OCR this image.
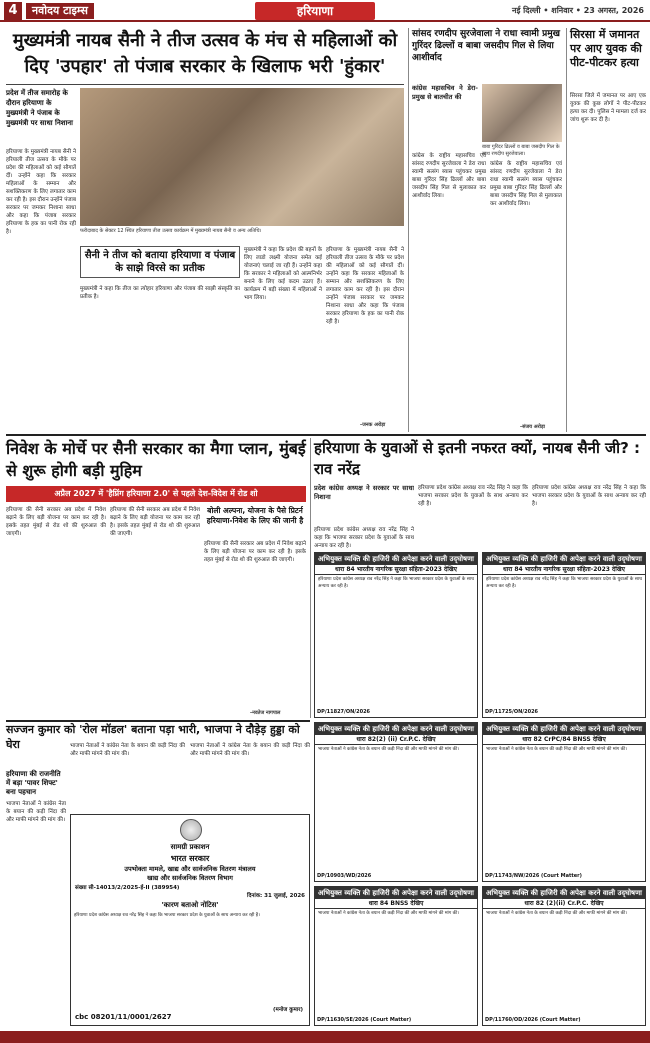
4	नवोदय टाइम्स	हरियाणा	नई दिल्ली • शनिवार • 23 अगस्त, 2026
मुख्यमंत्री नायब सैनी ने तीज उत्सव के मंच से महिलाओं को
दिए 'उपहार' तो पंजाब सरकार के खिलाफ भरी 'हुंकार'
प्रदेश में तीज समारोह के दौरान हरियाणा के मुख्यमंत्री ने पंजाब के मुख्यमंत्री पर साधा निशाना
फरीदाबाद के सेक्टर 12 स्थित हरियाणा तीज उत्सव कार्यक्रम में मुख्यमंत्री नायब सैनी व अन्य अतिथि।
हरियाणा के मुख्यमंत्री नायब सैनी ने हरियाली तीज उत्सव के मौके पर प्रदेश की महिलाओं को कई सौगातें दीं। उन्होंने कहा कि सरकार महिलाओं के सम्मान और सशक्तिकरण के लिए लगातार काम कर रही है। इस दौरान उन्होंने पंजाब सरकार पर जमकर निशाना साधा और कहा कि पंजाब सरकार हरियाणा के हक का पानी रोक रही है।
सैनी ने तीज को बताया हरियाणा व पंजाब के साझे विरसे का प्रतीक
मुख्यमंत्री ने कहा कि तीज का त्योहार हरियाणा और पंजाब की साझी संस्कृति का प्रतीक है।
मुख्यमंत्री ने कहा कि प्रदेश की बहनों के लिए लाडो लक्ष्मी योजना समेत कई योजनाएं चलाई जा रही हैं। उन्होंने कहा कि सरकार ने महिलाओं को आत्मनिर्भर बनाने के लिए कई कदम उठाए हैं। कार्यक्रम में बड़ी संख्या में महिलाओं ने भाग लिया।
हरियाणा के मुख्यमंत्री नायब सैनी ने हरियाली तीज उत्सव के मौके पर प्रदेश की महिलाओं को कई सौगातें दीं। उन्होंने कहा कि सरकार महिलाओं के सम्मान और सशक्तिकरण के लिए लगातार काम कर रही है। इस दौरान उन्होंने पंजाब सरकार पर जमकर निशाना साधा और कहा कि पंजाब सरकार हरियाणा के हक का पानी रोक रही है।
-जनक अरोड़ा
सांसद रणदीप सुरजेवाला ने राधा स्वामी प्रमुख गुरिंदर ढिल्लों व बाबा जसदीप गिल से लिया आशीर्वाद
कांग्रेस महासचिव ने डेरा-प्रमुख से बातचीत की
बाबा गुरिंदर ढिल्लों व बाबा जसदीप गिल के साथ रणदीप सुरजेवाला।
कांग्रेस के राष्ट्रीय महासचिव एवं सांसद रणदीप सुरजेवाला ने डेरा राधा स्वामी सत्संग ब्यास पहुंचकर प्रमुख बाबा गुरिंदर सिंह ढिल्लों और बाबा जसदीप सिंह गिल से मुलाकात कर आशीर्वाद लिया।
कांग्रेस के राष्ट्रीय महासचिव एवं सांसद रणदीप सुरजेवाला ने डेरा राधा स्वामी सत्संग ब्यास पहुंचकर प्रमुख बाबा गुरिंदर सिंह ढिल्लों और बाबा जसदीप सिंह गिल से मुलाकात कर आशीर्वाद लिया।
-संजय अरोड़ा
सिरसा में जमानत पर आए युवक की पीट-पीटकर हत्या
सिरसा जिले में जमानत पर आए एक युवक की कुछ लोगों ने पीट-पीटकर हत्या कर दी। पुलिस ने मामला दर्ज कर जांच शुरू कर दी है।
निवेश के मोर्चे पर सैनी सरकार का मैगा प्लान, मुंबई से शुरू होगी बड़ी मुहिम
अप्रैल 2027 में 'हैप्निंग हरियाणा 2.0' से पहले देश-विदेश में रोड शो
हरियाणा की सैनी सरकार अब प्रदेश में निवेश बढ़ाने के लिए बड़ी योजना पर काम कर रही है। इसके तहत मुंबई से रोड शो की शुरुआत की जाएगी।
हरियाणा की सैनी सरकार अब प्रदेश में निवेश बढ़ाने के लिए बड़ी योजना पर काम कर रही है। इसके तहत मुंबई से रोड शो की शुरुआत की जाएगी।
बोली अल्पना, योजना के पैसे प्रिटर्न हरियाणा-निवेश के लिए की जानी है
हरियाणा की सैनी सरकार अब प्रदेश में निवेश बढ़ाने के लिए बड़ी योजना पर काम कर रही है। इसके तहत मुंबई से रोड शो की शुरुआत की जाएगी।
-नवतेज नागपाल
हरियाणा के युवाओं से इतनी नफरत क्यों, नायब सैनी जी? : राव नरेंद्र
प्रदेश कांग्रेस अध्यक्ष ने सरकार पर साधा निशाना
हरियाणा प्रदेश कांग्रेस अध्यक्ष राव नरेंद्र सिंह ने कहा कि भाजपा सरकार प्रदेश के युवाओं के साथ अन्याय कर रही है।
हरियाणा प्रदेश कांग्रेस अध्यक्ष राव नरेंद्र सिंह ने कहा कि भाजपा सरकार प्रदेश के युवाओं के साथ अन्याय कर रही है।
हरियाणा प्रदेश कांग्रेस अध्यक्ष राव नरेंद्र सिंह ने कहा कि भाजपा सरकार प्रदेश के युवाओं के साथ अन्याय कर रही है।
अभियुक्त व्यक्ति की हाजिरी की अपेक्षा करने वाली उद्‌घोषणा
धारा 84 भारतीय नागरिक सुरक्षा संहिता-2023 देखिए
हरियाणा प्रदेश कांग्रेस अध्यक्ष राव नरेंद्र सिंह ने कहा कि भाजपा सरकार प्रदेश के युवाओं के साथ अन्याय कर रही है।
DP/11827/ON/2026
अभियुक्त व्यक्ति की हाजिरी की अपेक्षा करने वाली उद्‌घोषणा
धारा 84 भारतीय नागरिक सुरक्षा संहिता-2023 देखिए
हरियाणा प्रदेश कांग्रेस अध्यक्ष राव नरेंद्र सिंह ने कहा कि भाजपा सरकार प्रदेश के युवाओं के साथ अन्याय कर रही है।
DP/11725/ON/2026
सज्जन कुमार को 'रोल मॉडल' बताना पड़ा भारी, भाजपा ने दौड़ेड़ हुड्डा को घेरा
हरियाणा की राजनीति में बड़ा 'पावर शिफ्ट' बना पहचान
भाजपा नेताओं ने कांग्रेस नेता के बयान की कड़ी निंदा की और माफी मांगने की मांग की।
भाजपा नेताओं ने कांग्रेस नेता के बयान की कड़ी निंदा की और माफी मांगने की मांग की।
भाजपा नेताओं ने कांग्रेस नेता के बयान की कड़ी निंदा की और माफी मांगने की मांग की।
सामग्री प्रकाशन
भारत सरकार
उपभोक्ता मामले, खाद्य और सार्वजनिक वितरण मंत्रालय
खाद्य और सार्वजनिक वितरण विभाग
संख्या सी-14013/2/2025-ई-II (389954)
दिनांक: 31 जुलाई, 2026
'कारण बताओ नोटिस'
हरियाणा प्रदेश कांग्रेस अध्यक्ष राव नरेंद्र सिंह ने कहा कि भाजपा सरकार प्रदेश के युवाओं के साथ अन्याय कर रही है।
(मनोज कुमार)
cbc 08201/11/0001/2627
अभियुक्त व्यक्ति की हाजिरी की अपेक्षा करने वाली उद्‌घोषणा
धारा 82(2) (ii) Cr.P.C. देखिए
भाजपा नेताओं ने कांग्रेस नेता के बयान की कड़ी निंदा की और माफी मांगने की मांग की।
DP/10903/WD/2026
अभियुक्त व्यक्ति की हाजिरी की अपेक्षा करने वाली उद्‌घोषणा
धारा 82 CrPC/84 BNSS देखिए
भाजपा नेताओं ने कांग्रेस नेता के बयान की कड़ी निंदा की और माफी मांगने की मांग की।
DP/11743/NW/2026 (Court Matter)
अभियुक्त व्यक्ति की हाजिरी की अपेक्षा करने वाली उद्‌घोषणा
धारा 84 BNSS देखिए
भाजपा नेताओं ने कांग्रेस नेता के बयान की कड़ी निंदा की और माफी मांगने की मांग की।
DP/11630/SE/2026 (Court Matter)
अभियुक्त व्यक्ति की हाजिरी की अपेक्षा करने वाली उद्‌घोषणा
धारा 82 (2)(ii) Cr.P.C. देखिए
भाजपा नेताओं ने कांग्रेस नेता के बयान की कड़ी निंदा की और माफी मांगने की मांग की।
DP/11760/OD/2026 (Court Matter)
